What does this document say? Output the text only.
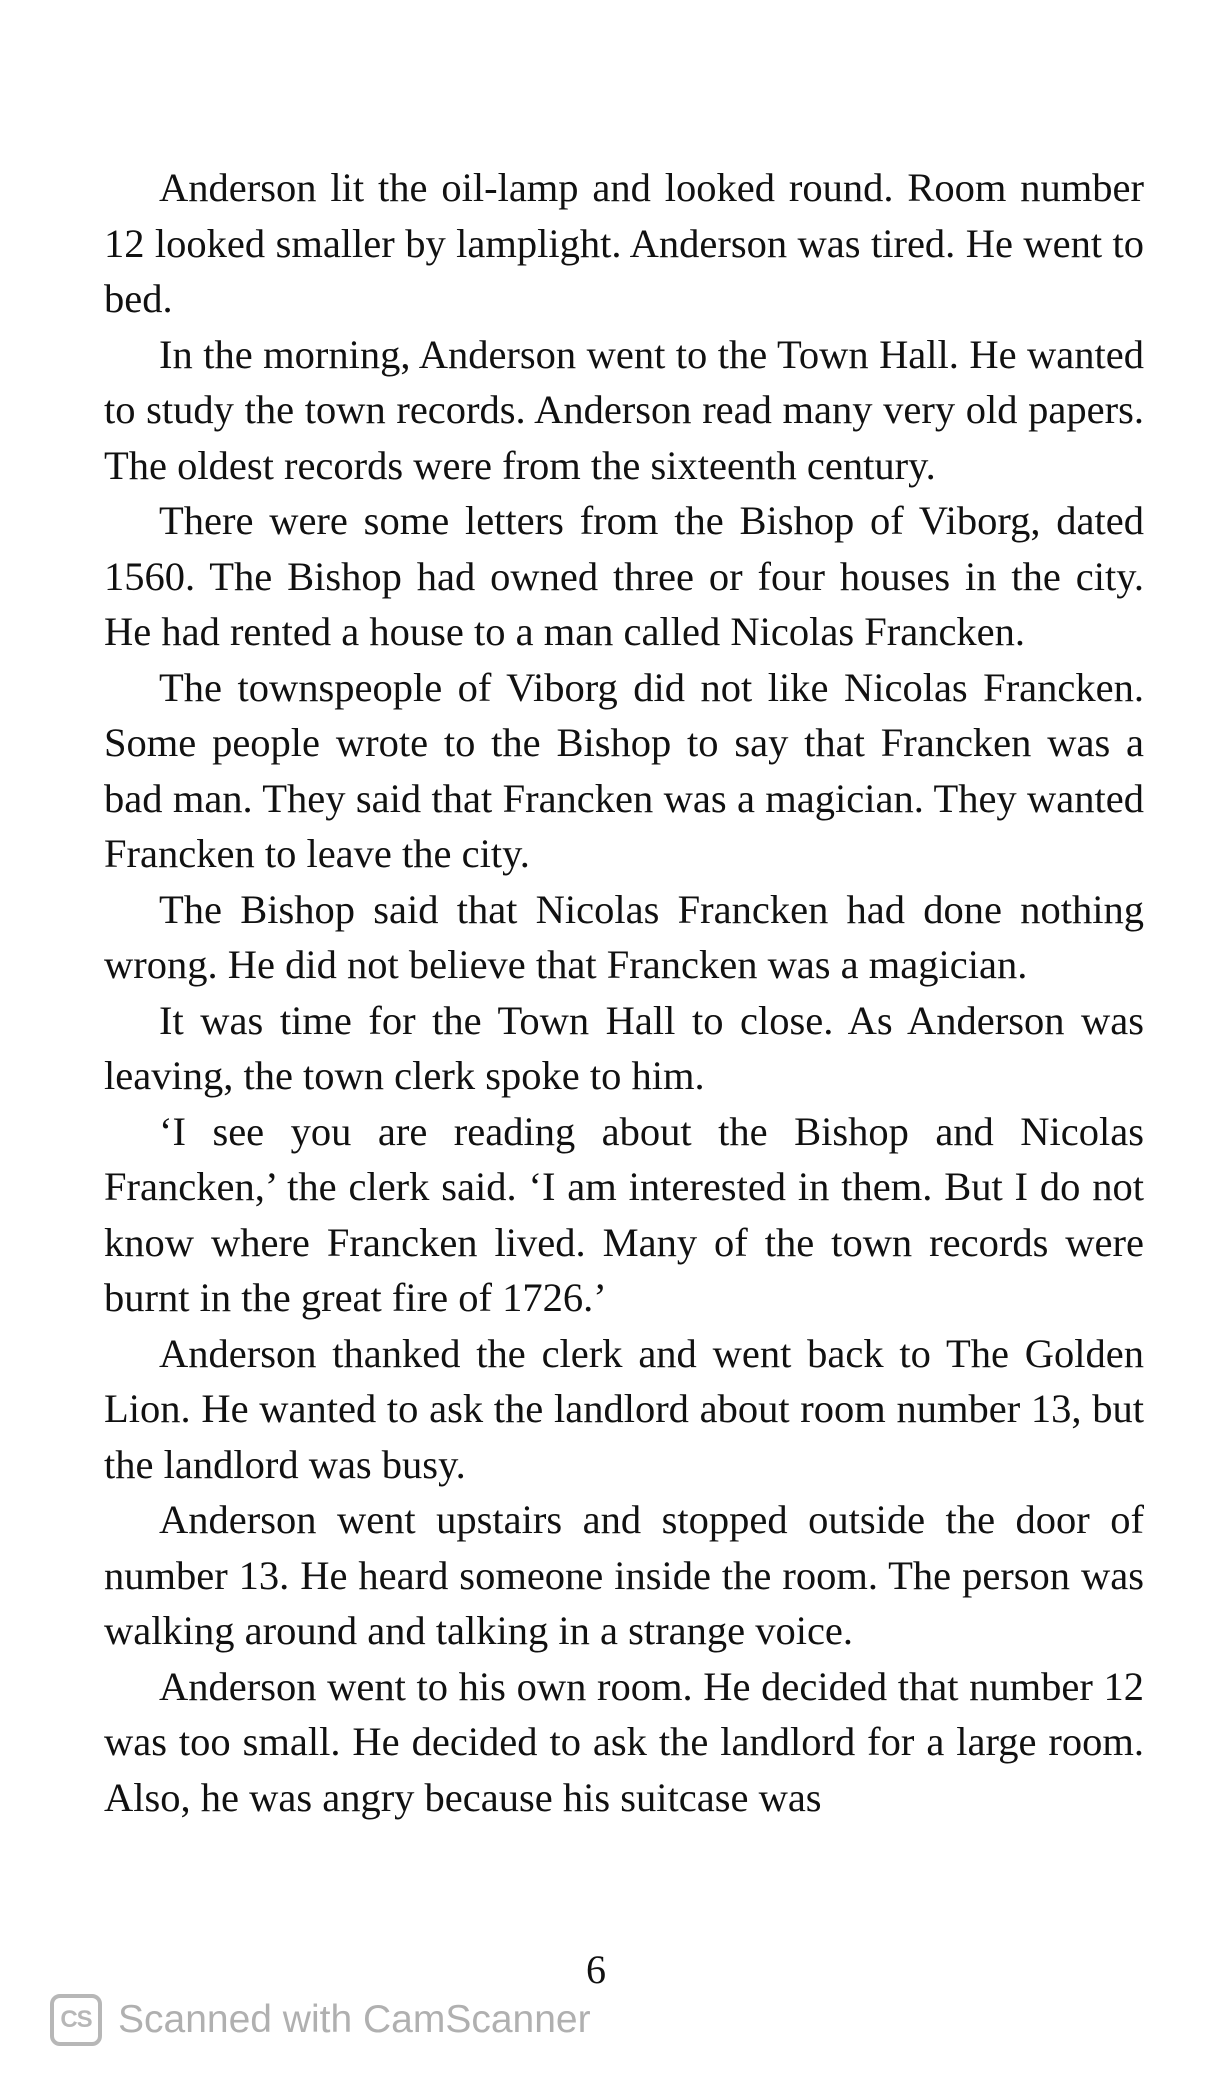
Anderson lit the oil-lamp and looked round. Room number 12 looked smaller by lamplight. Anderson was tired. He went to bed.

In the morning, Anderson went to the Town Hall. He wanted to study the town records. Anderson read many very old papers. The oldest records were from the sixteenth century.

There were some letters from the Bishop of Viborg, dated 1560. The Bishop had owned three or four houses in the city. He had rented a house to a man called Nicolas Francken.

The townspeople of Viborg did not like Nicolas Francken. Some people wrote to the Bishop to say that Francken was a bad man. They said that Francken was a magician. They wanted Francken to leave the city.

The Bishop said that Nicolas Francken had done nothing wrong. He did not believe that Francken was a magician.

It was time for the Town Hall to close. As Anderson was leaving, the town clerk spoke to him.

‘I see you are reading about the Bishop and Nicolas Francken,’ the clerk said. ‘I am interested in them. But I do not know where Francken lived. Many of the town records were burnt in the great fire of 1726.’

Anderson thanked the clerk and went back to The Golden Lion. He wanted to ask the landlord about room number 13, but the landlord was busy.

Anderson went upstairs and stopped outside the door of number 13. He heard someone inside the room. The person was walking around and talking in a strange voice.

Anderson went to his own room. He decided that number 12 was too small. He decided to ask the landlord for a large room. Also, he was angry because his suitcase was

6
CS Scanned with CamScanner
